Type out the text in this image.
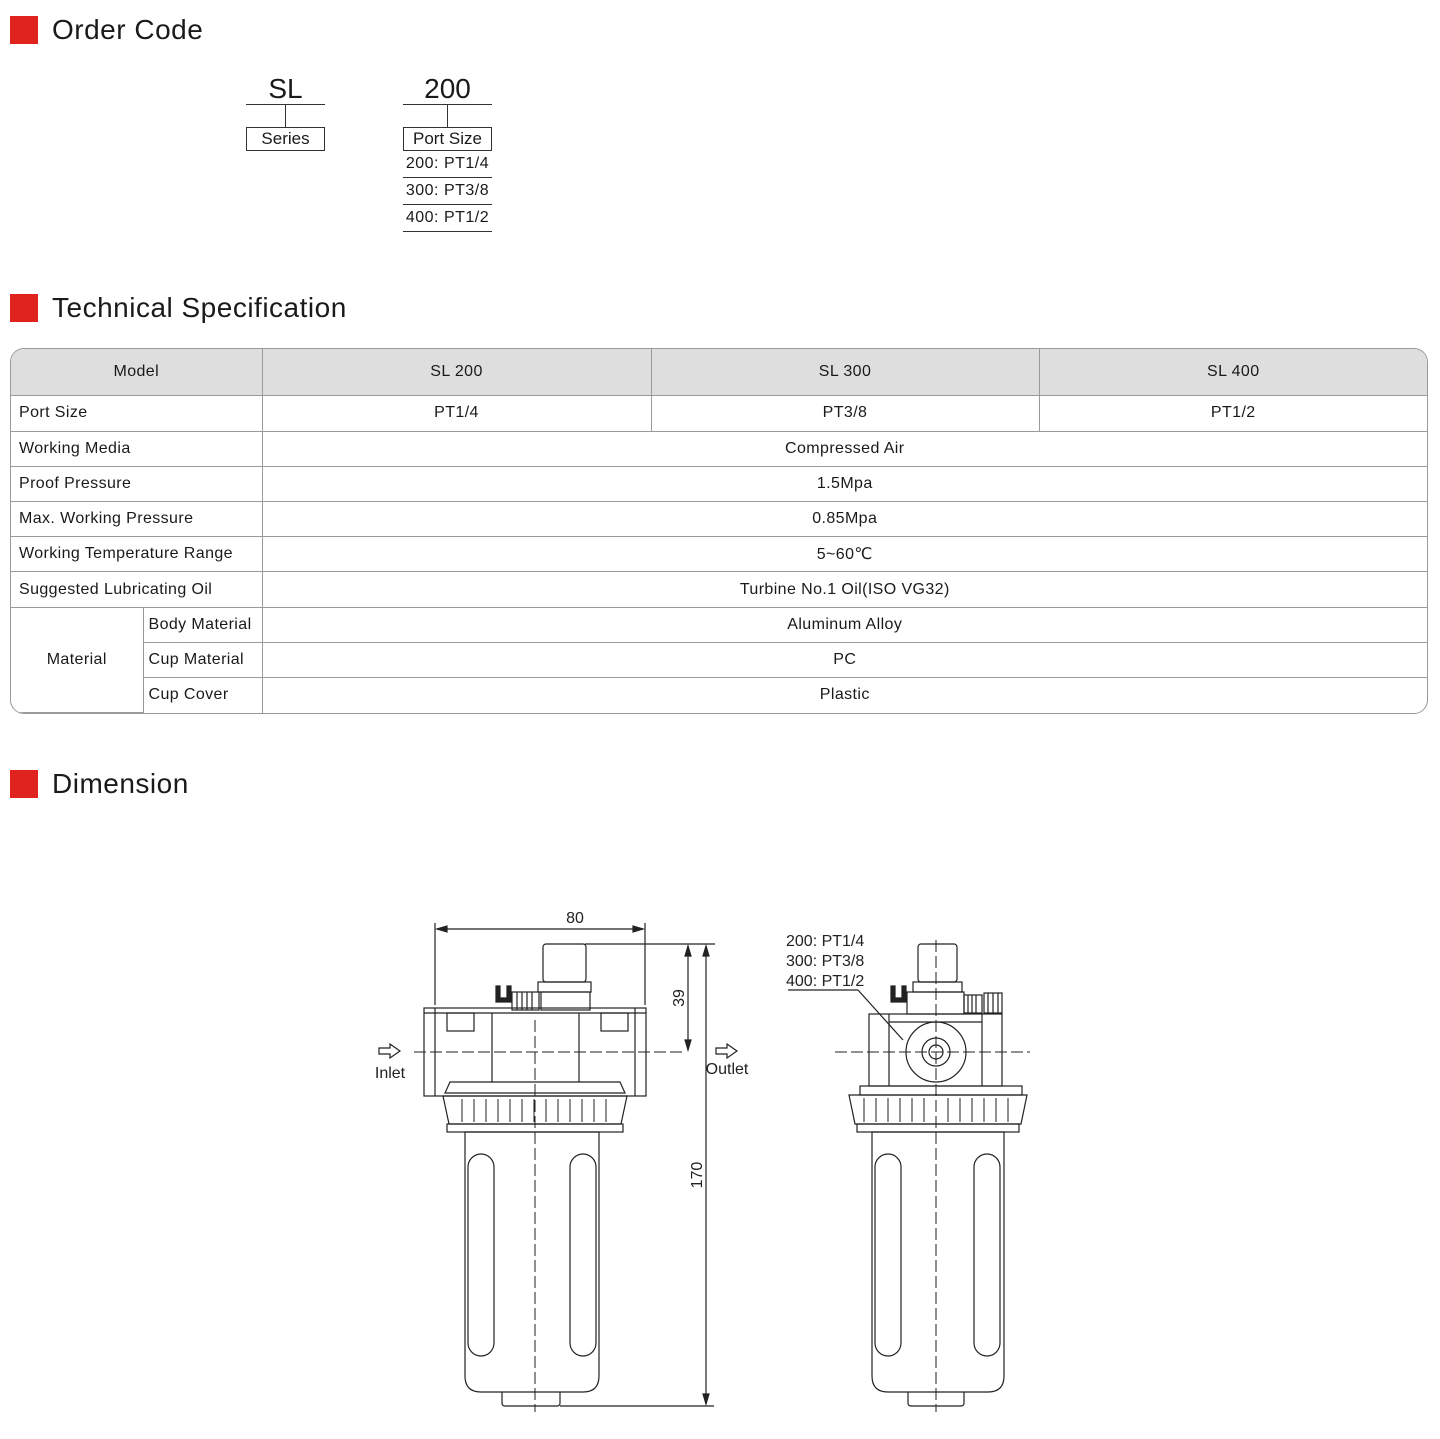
Order Code
SL
Series
200
Port Size
200: PT1/4
300: PT3/8
400: PT1/2
Technical Specification
Model		SL 200	SL 300	SL 400
Port Size		PT1/4	PT3/8	PT1/2
Working Media		Compressed Air		
Proof Pressure		1.5Mpa		
Max. Working Pressure		0.85Mpa		
Working Temperature Range		5~60℃		
Suggested Lubricating Oil		Turbine No.1 Oil(ISO VG32)		
Material	Body Material	Aluminum Alloy		
	Cup Material	PC		
	Cup Cover	Plastic		
Dimension
80
39
170
Inlet	Outlet
200: PT1/4
300: PT3/8
400: PT1/2
